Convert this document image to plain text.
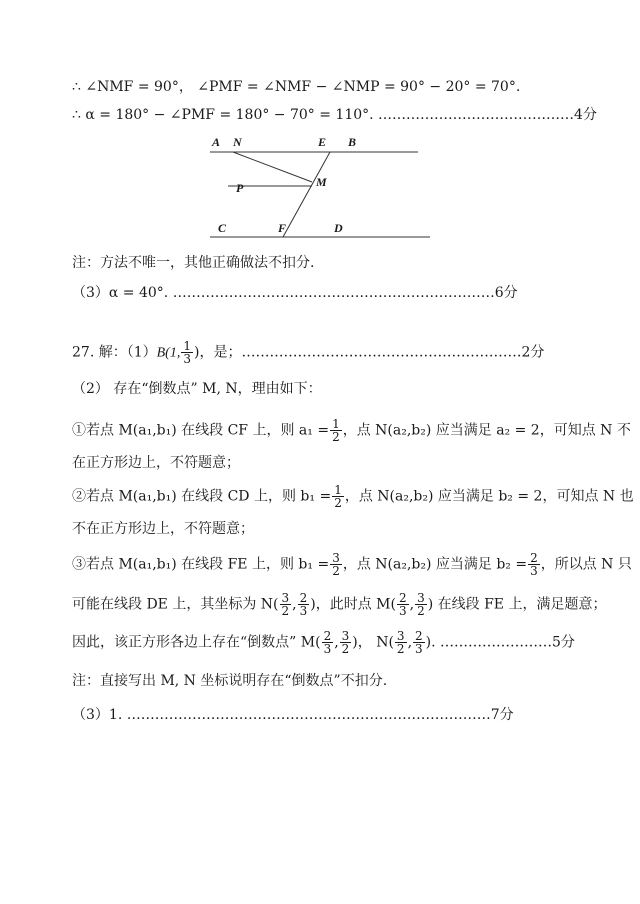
∴ ∠NMF = 90°， ∠PMF = ∠NMF − ∠NMP = 90° − 20° = 70°.
∴ α = 180° − ∠PMF = 180° − 70° = 110°. ……………………………………4分
A N	E B
P	M
C	F	D
注：方法不唯一，其他正确做法不扣分.
（3）α = 40°. ……………………………………………………………6分
27. 解：（1）B(1, $\frac{1}{3}$ )，是；……………………………………………………2分
（2） 存在“倒数点” M, N，理由如下：
①若点 M(a₁,b₁) 在线段 CF 上，则 $a_1 = \frac{1}{2}$ ，点 N(a₂,b₂) 应当满足 a₂ = 2，可知点 N 不
在正方形边上，不符题意；
②若点 M(a₁,b₁) 在线段 CD 上，则 $b_1 = \frac{1}{2}$ ，点 N(a₂,b₂) 应当满足 b₂ = 2，可知点 N 也
不在正方形边上，不符题意；
③若点 M(a₁,b₁) 在线段 FE 上，则 $b_1 = \frac{3}{2}$ ，点 N(a₂,b₂) 应当满足 $b_2 = \frac{2}{3}$ ，所以点 N 只
可能在线段 DE 上，其坐标为 $N( \frac{3}{2}$ , $\frac{2}{3}$ )，此时点 $M( \frac{2}{3}$ , $\frac{3}{2}$ ) 在线段 FE 上，满足题意；
因此，该正方形各边上存在“倒数点” $M( \frac{2}{3}$ , $\frac{3}{2}$ )， $N( \frac{3}{2}$ , $\frac{2}{3}$ ). ……………………5分
注：直接写出 M, N 坐标说明存在“倒数点”不扣分.
（3）1. ……………………………………………………………………7分
